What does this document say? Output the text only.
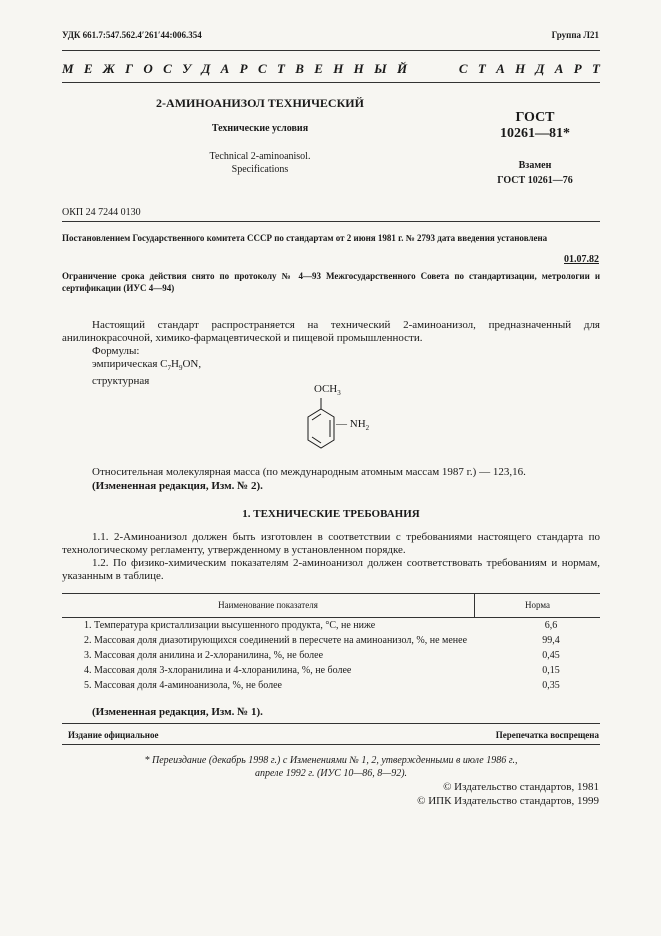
УДК 661.7:547.562.4′261′44:006.354	Группа Л21
М Е Ж Г О С У Д А Р С Т В Е Н Н Ы Й     С Т А Н Д А Р Т
2-АМИНОАНИЗОЛ ТЕХНИЧЕСКИЙ
Технические условия
Technical 2-aminoanisol.
Specifications
ГОСТ
10261—81*
Взамен
ГОСТ 10261—76
ОКП 24 7244 0130
Постановлением Государственного комитета СССР по стандартам от 2 июня 1981 г. № 2793 дата введения установлена
01.07.82
Ограничение срока действия снято по протоколу № 4—93 Межгосударственного Совета по стандартизации, метрологии и сертификации (ИУС 4—94)
Настоящий стандарт распространяется на технический 2-аминоанизол, предназначенный для анилинокрасочной, химико-фармацевтической и пищевой промышленности.
Формулы:
эмпирическая $C_7H_9ON$,
структурная
$OCH_3$
— $NH_2$
Относительная молекулярная масса (по международным атомным массам 1987 г.) — 123,16.
(Измененная редакция, Изм. № 2).
1. ТЕХНИЧЕСКИЕ ТРЕБОВАНИЯ
1.1. 2-Аминоанизол должен быть изготовлен в соответствии с требованиями настоящего стандарта по технологическому регламенту, утвержденному в установленном порядке.
1.2. По физико-химическим показателям 2-аминоанизол должен соответствовать требованиям и нормам, указанным в таблице.
Наименование показателя	Норма
1. Температура кристаллизации высушенного продукта, °С, не ниже	6,6
2. Массовая доля диазотирующихся соединений в пересчете на аминоанизол, %, не менее	99,4
3. Массовая доля анилина и 2-хлоранилина, %, не более	0,45
4. Массовая доля 3-хлоранилина и 4-хлоранилина, %, не более	0,15
5. Массовая доля 4-аминоанизола, %, не более	0,35
(Измененная редакция, Изм. № 1).
Издание официальное	Перепечатка воспрещена
* Переиздание (декабрь 1998 г.) с Изменениями № 1, 2, утвержденными в июле 1986 г.,
апреле 1992 г. (ИУС 10—86, 8—92).
© Издательство стандартов, 1981
© ИПК Издательство стандартов, 1999
